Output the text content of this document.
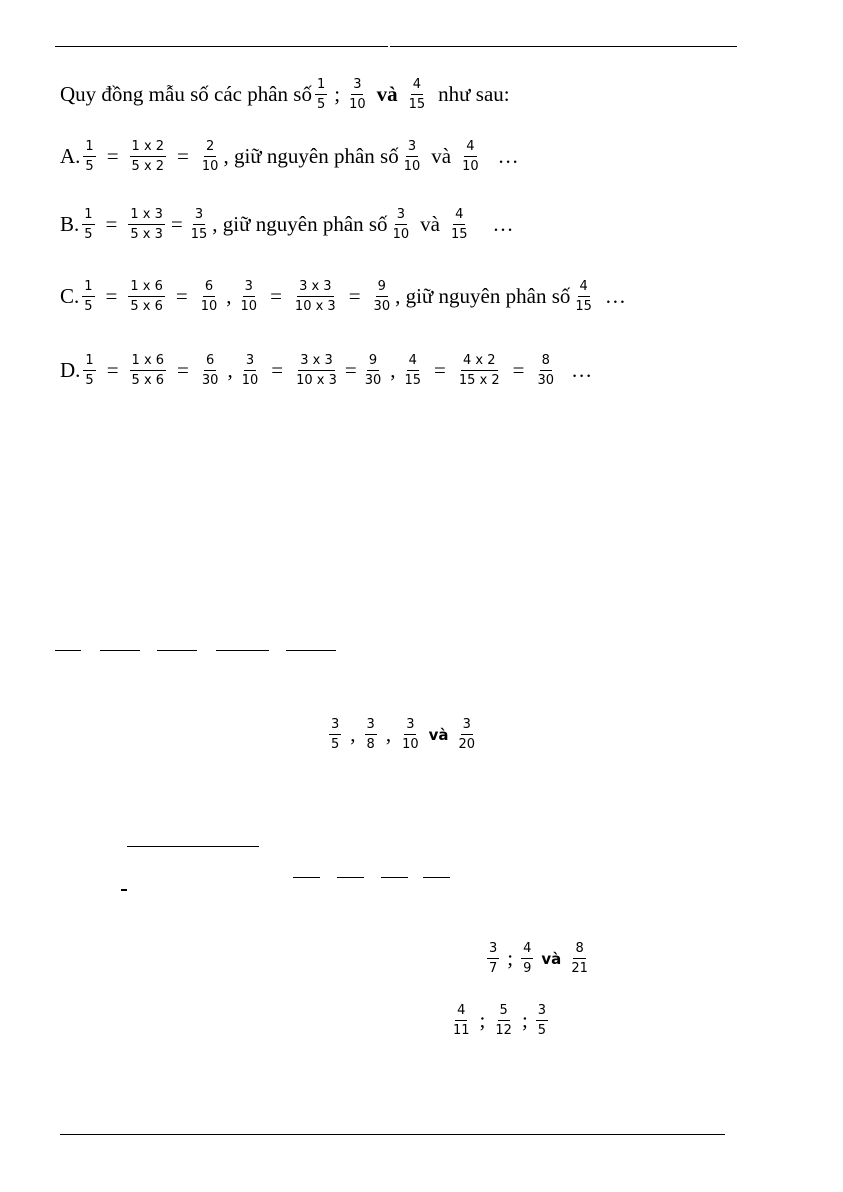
Quy đồng mẫu số các phân số $\frac{1}{5}$ ; $\frac{3}{10}$ và $\frac{4}{15}$ như sau:
A. $\frac{1}{5} = \frac{1 x 2}{5 x 2} = \frac{2}{10}$ , giữ nguyên phân số $\frac{3}{10}$ và $\frac{4}{10}$ …
B. $\frac{1}{5} = \frac{1 x 3}{5 x 3} = \frac{3}{15}$ , giữ nguyên phân số $\frac{3}{10}$ và $\frac{4}{15}$ …
C. $\frac{1}{5} = \frac{1 x 6}{5 x 6} = \frac{6}{10}$ , $\frac{3}{10} = \frac{3 x 3}{10 x 3} = \frac{9}{30}$ , giữ nguyên phân số $\frac{4}{15}$ …
D. $\frac{1}{5} = \frac{1 x 6}{5 x 6} = \frac{6}{30}$ , $\frac{3}{10} = \frac{3 x 3}{10 x 3} = \frac{9}{30}$ , $\frac{4}{15} = \frac{4 x 2}{15 x 2} = \frac{8}{30}$ …
$\frac{3}{5}$ , $\frac{3}{8}$ , $\frac{3}{10}$ và $\frac{3}{20}$
$\frac{3}{7}$ ; $\frac{4}{9}$ và $\frac{8}{21}$
$\frac{4}{11}$ ; $\frac{5}{12}$ ; $\frac{3}{5}$
